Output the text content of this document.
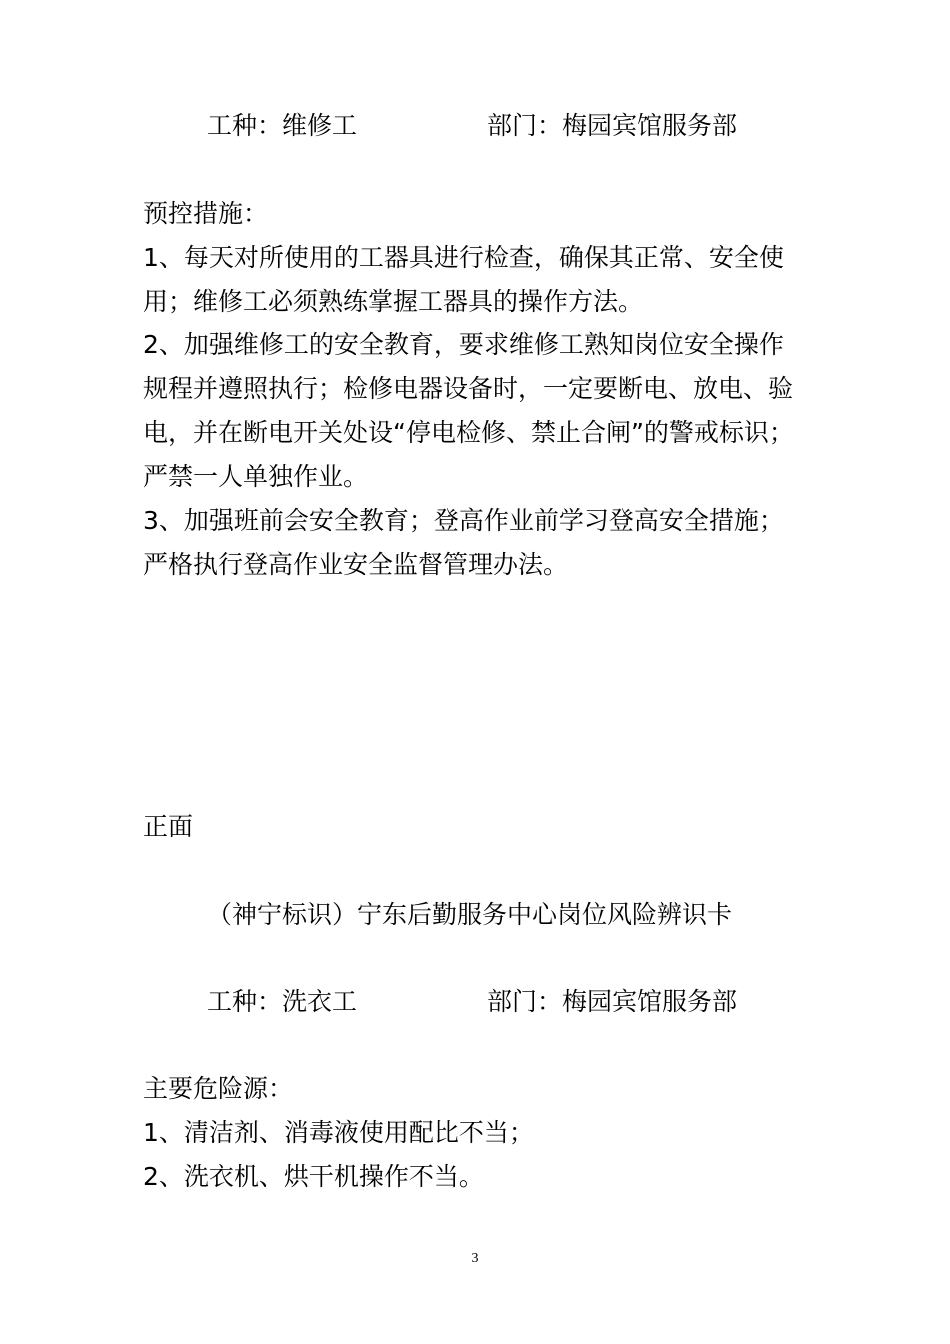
工种：维修工	部门：梅园宾馆服务部
预控措施：
1、每天对所使用的工器具进行检查，确保其正常、安全使
用；维修工必须熟练掌握工器具的操作方法。
2、加强维修工的安全教育，要求维修工熟知岗位安全操作
规程并遵照执行；检修电器设备时，一定要断电、放电、验
电，并在断电开关处设“停电检修、禁止合闸”的警戒标识；
严禁一人单独作业。
3、加强班前会安全教育；登高作业前学习登高安全措施；
严格执行登高作业安全监督管理办法。
正面
（神宁标识）宁东后勤服务中心岗位风险辨识卡
工种：洗衣工	部门：梅园宾馆服务部
主要危险源：
1、清洁剂、消毒液使用配比不当；
2、洗衣机、烘干机操作不当。
3
